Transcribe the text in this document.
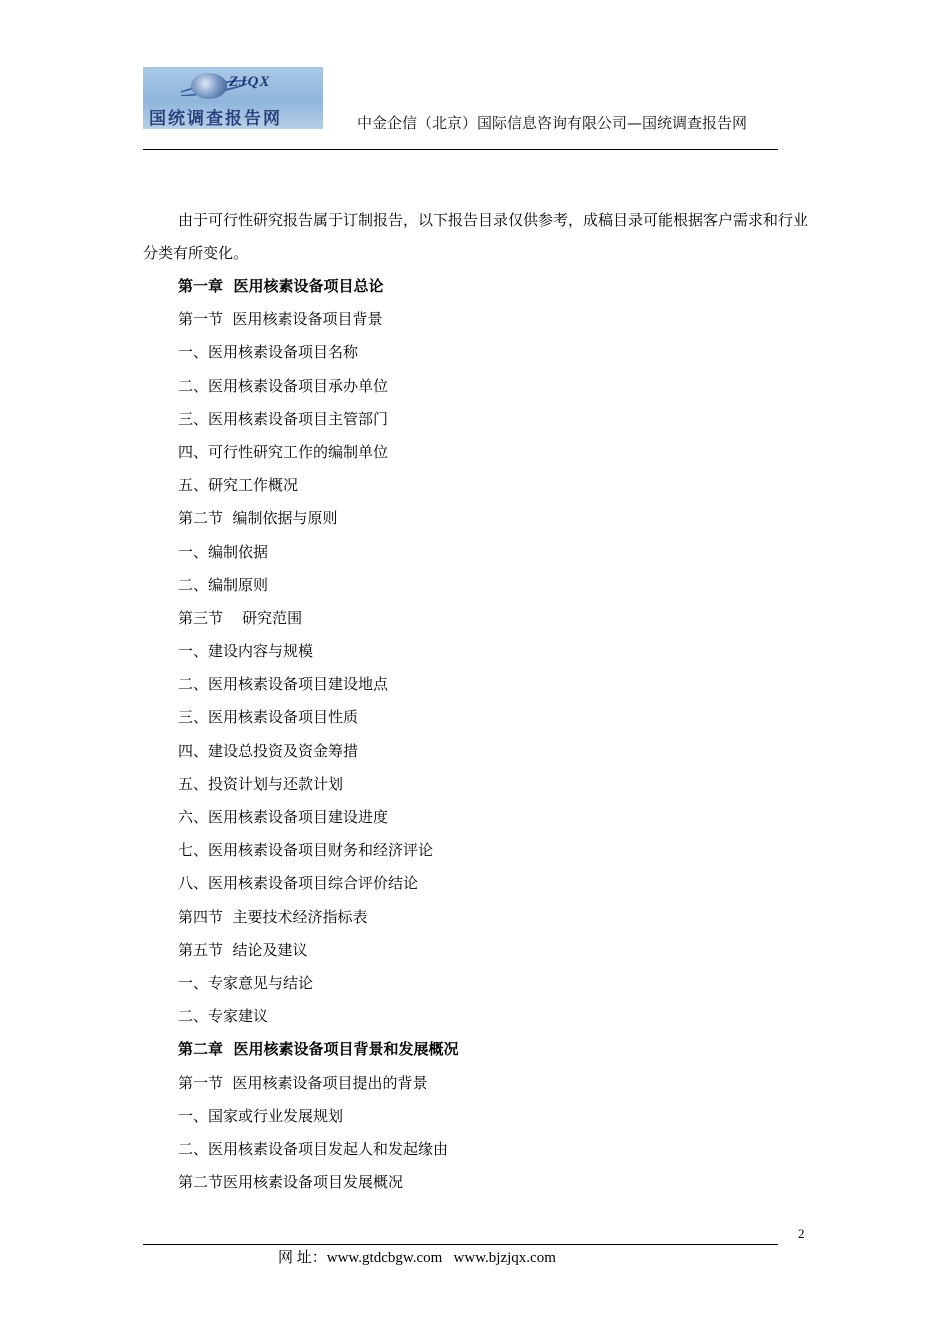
ZJQX
国统调查报告网	中金企信（北京）国际信息咨询有限公司—国统调查报告网

由于可行性研究报告属于订制报告，以下报告目录仅供参考，成稿目录可能根据客户需求和行业分类有所变化。

第一章  医用核素设备项目总论
第一节  医用核素设备项目背景
一、医用核素设备项目名称
二、医用核素设备项目承办单位
三、医用核素设备项目主管部门
四、可行性研究工作的编制单位
五、研究工作概况
第二节  编制依据与原则
一、编制依据
二、编制原则
第三节    研究范围
一、建设内容与规模
二、医用核素设备项目建设地点
三、医用核素设备项目性质
四、建设总投资及资金筹措
五、投资计划与还款计划
六、医用核素设备项目建设进度
七、医用核素设备项目财务和经济评论
八、医用核素设备项目综合评价结论
第四节  主要技术经济指标表
第五节  结论及建议
一、专家意见与结论
二、专家建议
第二章  医用核素设备项目背景和发展概况
第一节  医用核素设备项目提出的背景
一、国家或行业发展规划
二、医用核素设备项目发起人和发起缘由
第二节医用核素设备项目发展概况
2
网 址：www.gtdcbgw.com   www.bjzjqx.com
